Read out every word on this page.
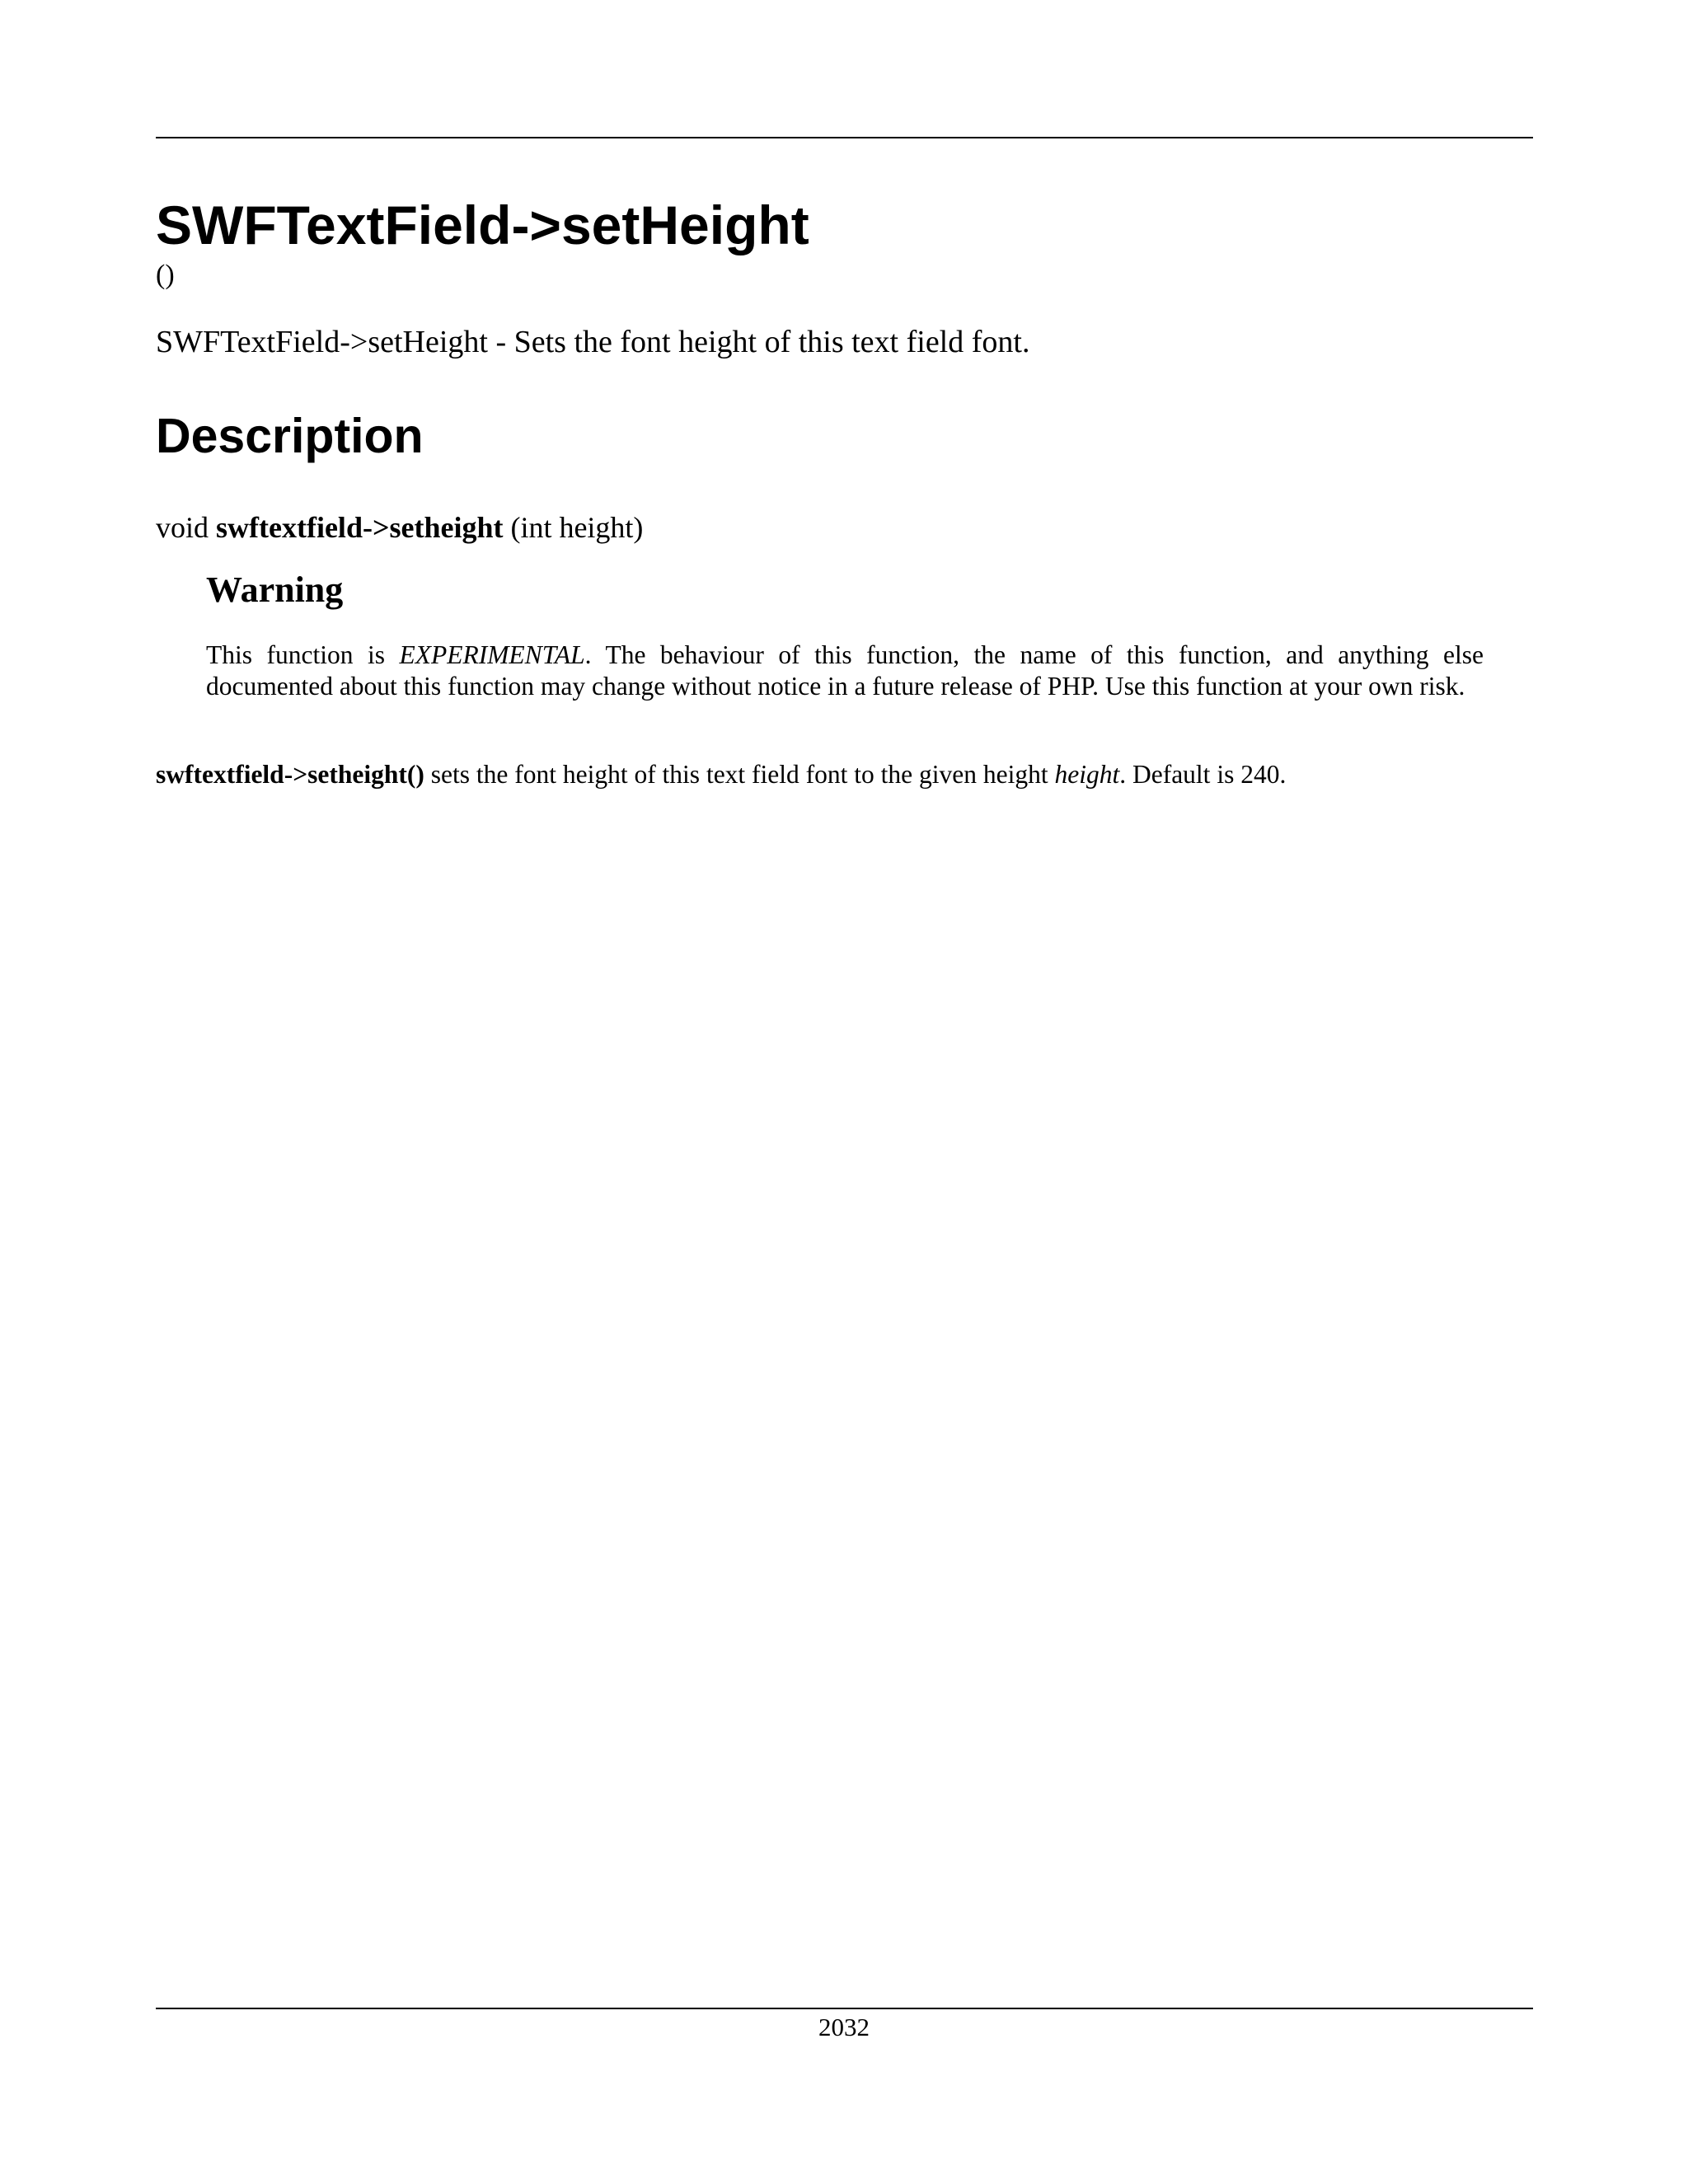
SWFTextField->setHeight
()
SWFTextField->setHeight - Sets the font height of this text field font.
Description
void swftextfield->setheight (int height)
Warning
This function is EXPERIMENTAL. The behaviour of this function, the name of this function, and anything else documented about this function may change without notice in a future release of PHP. Use this function at your own risk.
swftextfield->setheight() sets the font height of this text field font to the given height height. Default is 240.
2032
